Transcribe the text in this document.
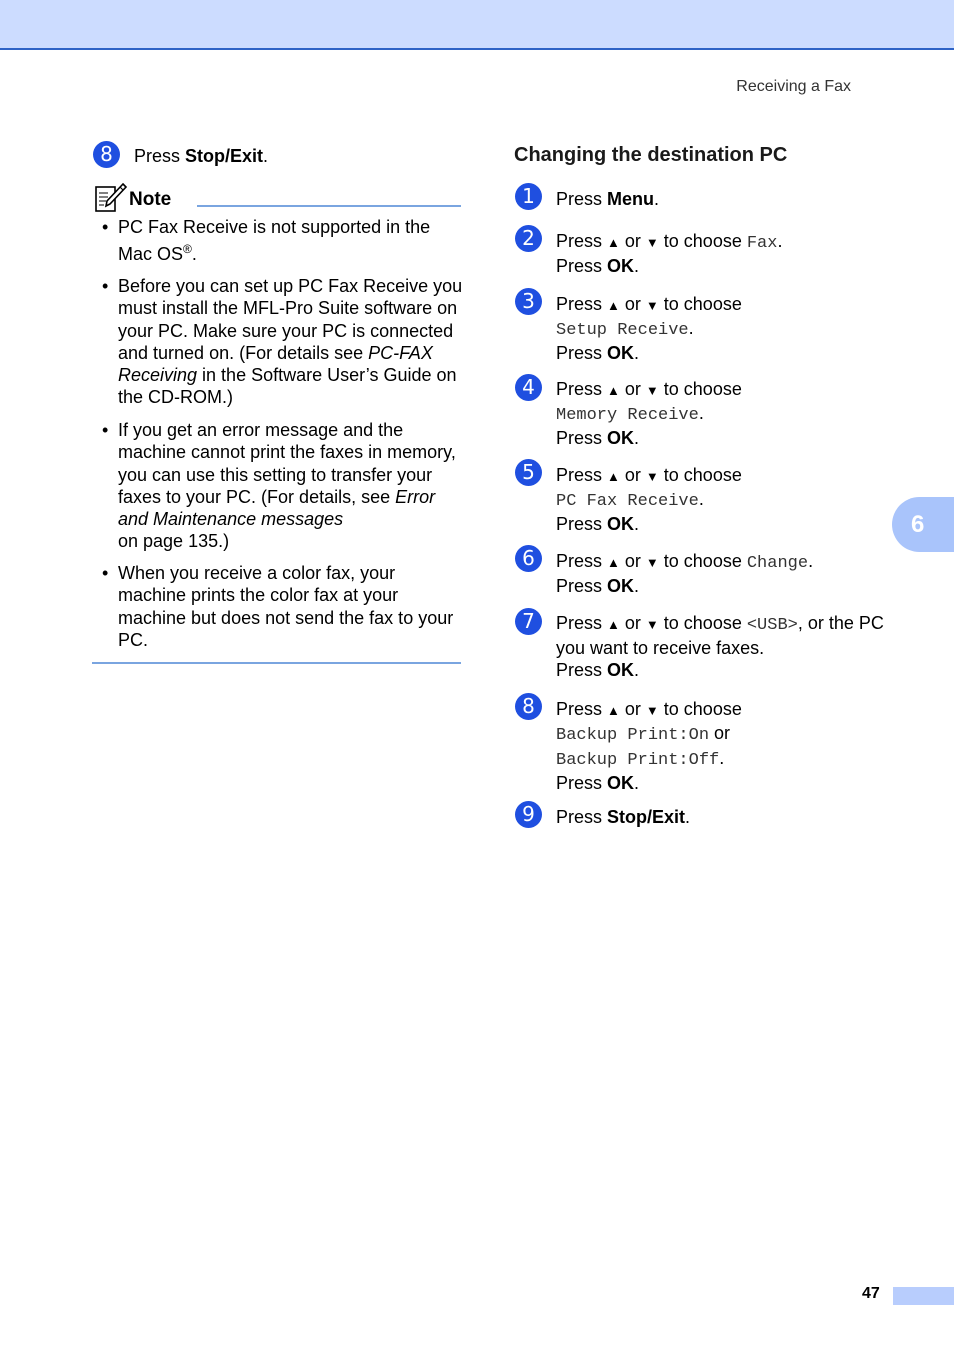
Receiving a Fax
8	Press Stop/Exit.
Note
• PC Fax Receive is not supported in the Mac OS®.
• Before you can set up PC Fax Receive you must install the MFL-Pro Suite software on your PC. Make sure your PC is connected and turned on. (For details see PC-FAX Receiving in the Software User’s Guide on the CD-ROM.)
• If you get an error message and the machine cannot print the faxes in memory, you can use this setting to transfer your faxes to your PC. (For details, see Error and Maintenance messages
on page 135.)
• When you receive a color fax, your machine prints the color fax at your machine but does not send the fax to your PC.
Changing the destination PC
1	Press Menu.
2	Press ▲ or ▼ to choose Fax.
Press OK.
3	Press ▲ or ▼ to choose
Setup Receive.
Press OK.
4	Press ▲ or ▼ to choose
Memory Receive.
Press OK.
5	Press ▲ or ▼ to choose
PC Fax Receive.
Press OK.
6	Press ▲ or ▼ to choose Change.
Press OK.
7	Press ▲ or ▼ to choose <USB>, or the PC
you want to receive faxes.
Press OK.
8	Press ▲ or ▼ to choose
Backup Print:On or
Backup Print:Off.
Press OK.
9	Press Stop/Exit.
6
47
